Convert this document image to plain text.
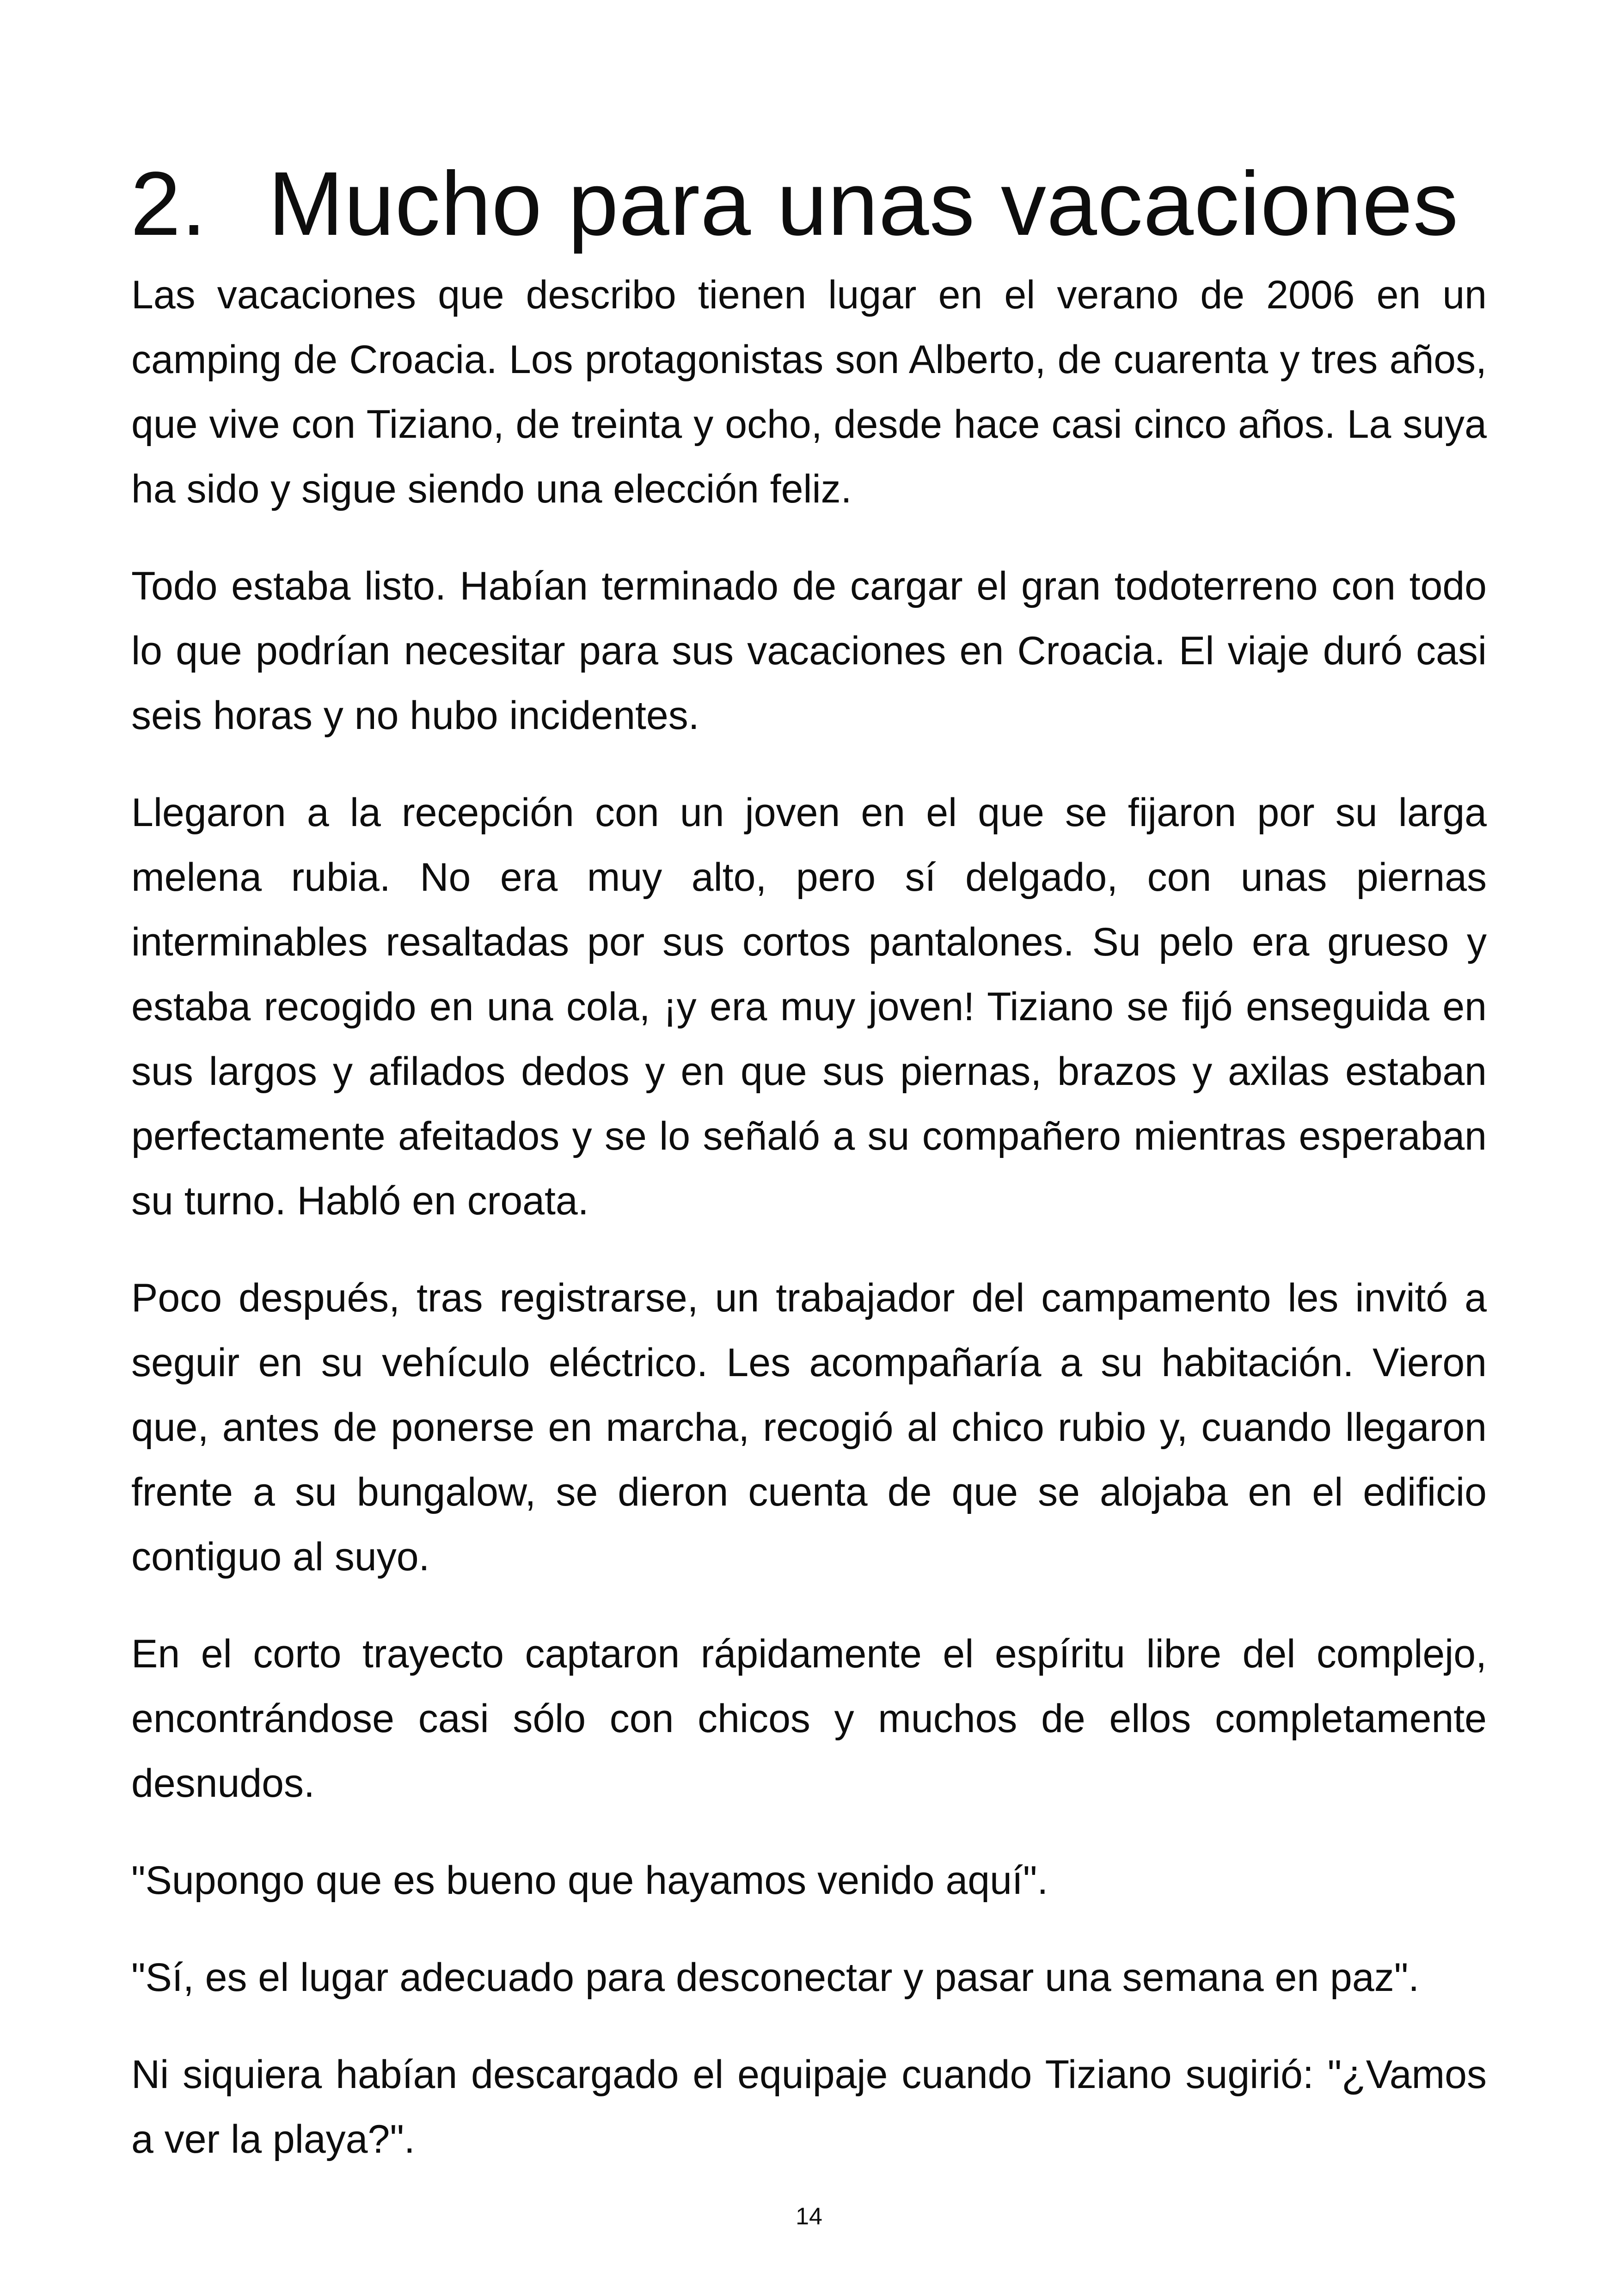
2. Mucho para unas vacaciones

Las vacaciones que describo tienen lugar en el verano de 2006 en un camping de Croacia. Los protagonistas son Alberto, de cuarenta y tres años, que vive con Tiziano, de treinta y ocho, desde hace casi cinco años. La suya ha sido y sigue siendo una elección feliz.

Todo estaba listo. Habían terminado de cargar el gran todoterreno con todo lo que podrían necesitar para sus vacaciones en Croacia. El viaje duró casi seis horas y no hubo incidentes.

Llegaron a la recepción con un joven en el que se fijaron por su larga melena rubia. No era muy alto, pero sí delgado, con unas piernas interminables resaltadas por sus cortos pantalones. Su pelo era grueso y estaba recogido en una cola, ¡y era muy joven! Tiziano se fijó enseguida en sus largos y afilados dedos y en que sus piernas, brazos y axilas estaban perfectamente afeitados y se lo señaló a su compañero mientras esperaban su turno. Habló en croata.

Poco después, tras registrarse, un trabajador del campamento les invitó a seguir en su vehículo eléctrico. Les acompañaría a su habitación. Vieron que, antes de ponerse en marcha, recogió al chico rubio y, cuando llegaron frente a su bungalow, se dieron cuenta de que se alojaba en el edificio contiguo al suyo.

En el corto trayecto captaron rápidamente el espíritu libre del complejo, encontrándose casi sólo con chicos y muchos de ellos completamente desnudos.

"Supongo que es bueno que hayamos venido aquí".

"Sí, es el lugar adecuado para desconectar y pasar una semana en paz".

Ni siquiera habían descargado el equipaje cuando Tiziano sugirió: "¿Vamos a ver la playa?".

14
